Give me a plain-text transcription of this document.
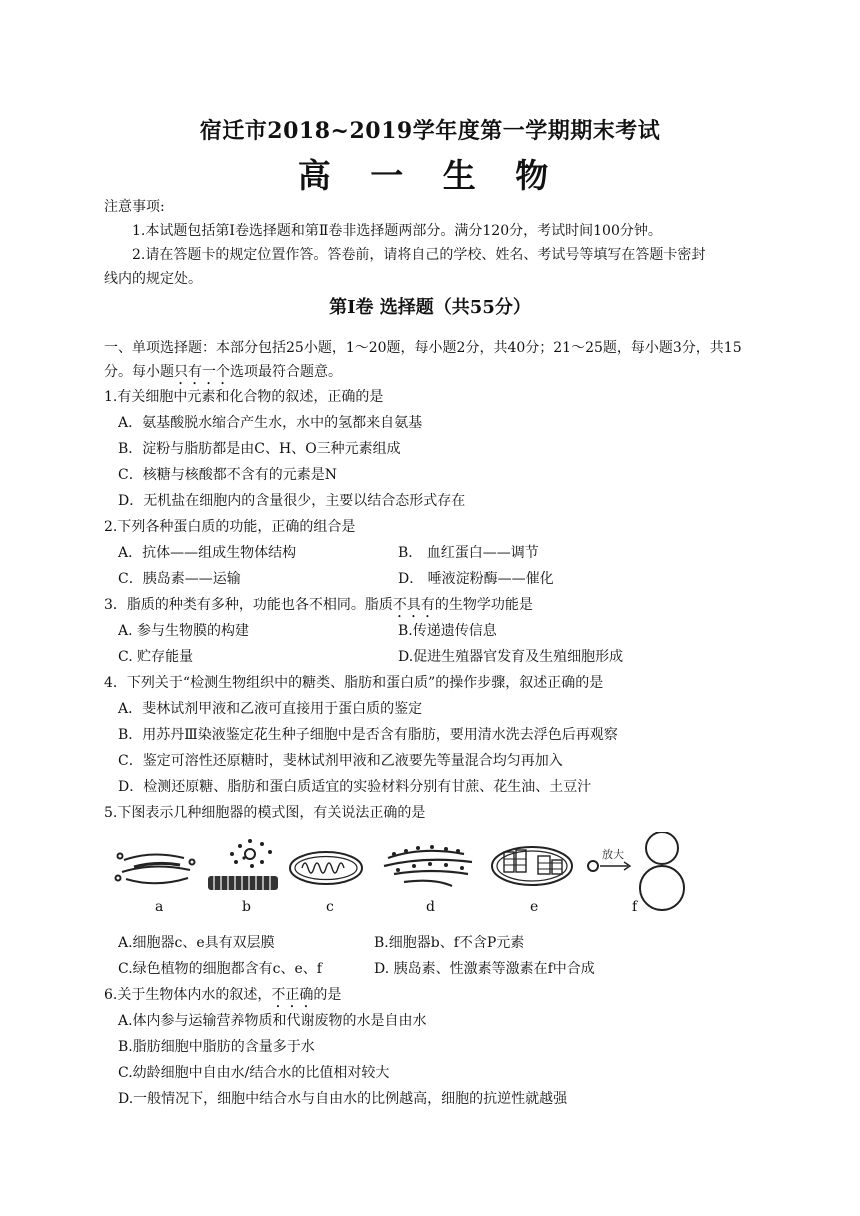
宿迁市2018~2019学年度第一学期期末考试
高 一 生 物
注意事项:
1.本试题包括第Ⅰ卷选择题和第Ⅱ卷非选择题两部分。满分120分，考试时间100分钟。
2.请在答题卡的规定位置作答。答卷前，请将自己的学校、姓名、考试号等填写在答题卡密封
线内的规定处。
第Ⅰ卷 选择题（共55分）
一、单项选择题：本部分包括25小题，1～20题，每小题2分，共40分；21～25题，每小题3分，共15
分。每小题只有一个选项最符合题意。
1.有关细胞中元素和化合物的叙述，正确的是
A．氨基酸脱水缩合产生水，水中的氢都来自氨基
B．淀粉与脂肪都是由C、H、O三种元素组成
C．核糖与核酸都不含有的元素是N
D．无机盐在细胞内的含量很少，主要以结合态形式存在
2.下列各种蛋白质的功能，正确的组合是
A．抗体——组成生物体结构	B． 血红蛋白——调节
C．胰岛素——运输	D． 唾液淀粉酶——催化
3．脂质的种类有多种，功能也各不相同。脂质不具有的生物学功能是
A. 参与生物膜的构建	B.传递遗传信息
C. 贮存能量	D.促进生殖器官发育及生殖细胞形成
4．下列关于“检测生物组织中的糖类、脂肪和蛋白质”的操作步骤，叙述正确的是
A．斐林试剂甲液和乙液可直接用于蛋白质的鉴定
B．用苏丹Ⅲ染液鉴定花生种子细胞中是否含有脂肪，要用清水洗去浮色后再观察
C．鉴定可溶性还原糖时，斐林试剂甲液和乙液要先等量混合均匀再加入
D．检测还原糖、脂肪和蛋白质适宜的实验材料分别有甘蔗、花生油、土豆汁
5.下图表示几种细胞器的模式图，有关说法正确的是
放大
a	b	c	d	e	f
A.细胞器c、e具有双层膜	B.细胞器b、f不含P元素
C.绿色植物的细胞都含有c、e、f	D. 胰岛素、性激素等激素在f中合成
6.关于生物体内水的叙述，不正确的是
A.体内参与运输营养物质和代谢废物的水是自由水
B.脂肪细胞中脂肪的含量多于水
C.幼龄细胞中自由水/结合水的比值相对较大
D.一般情况下，细胞中结合水与自由水的比例越高，细胞的抗逆性就越强
